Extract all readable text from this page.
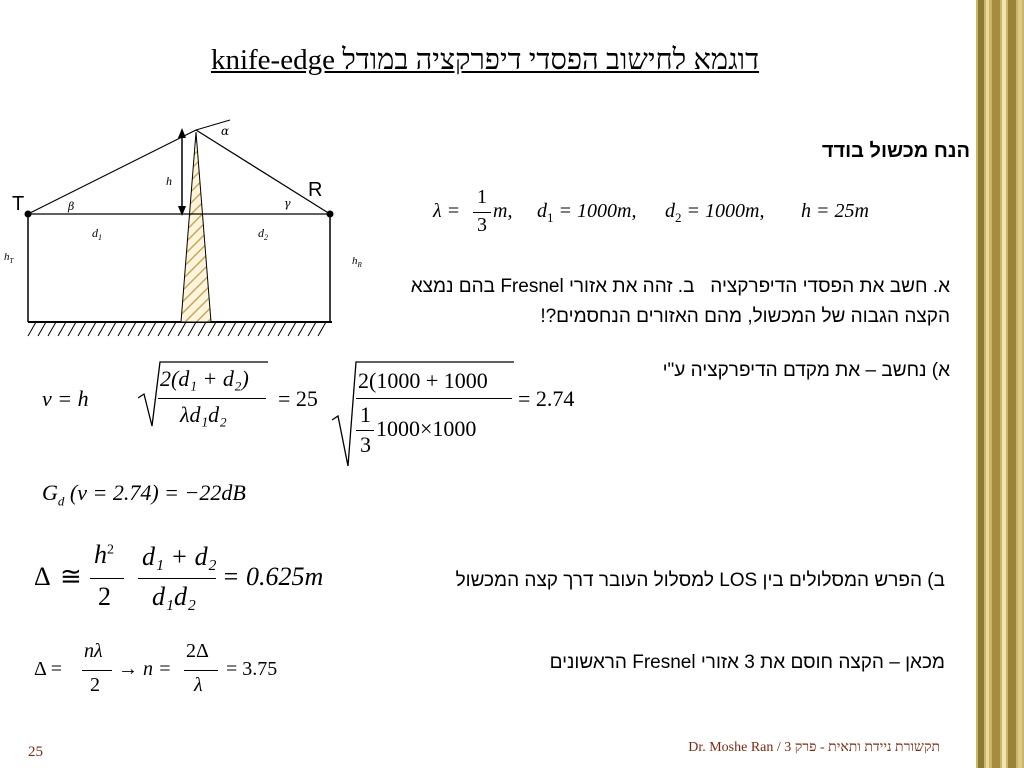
דוגמא לחישוב הפסדי דיפרקציה במודל knife-edge
α
h
β	γ
T
R
$d_1$	$d_2$
$h_T$	$h_R$
הנח מכשול בודד
λ =
1
3
m, $d_1 = 1000m$, $d_2 = 1000m$, h = 25m
א. חשב את הפסדי הדיפרקציה   ב. זהה את אזורי Fresnel בהם נמצא הקצה הגבוה של המכשול, מהם האזורים הנחסמים?!
א) נחשב – את מקדם הדיפרקציה ע"י
v = h
2(d₁ + d₂)
λd₁d₂
= 25
2(1000 + 1000
1
3
1000×1000
= 2.74
$G_d$ (v = 2.74) = −22dB
Δ ≅
$h^2$
2
d₁ + d₂
d₁d₂
= 0.625m
Δ =
nλ
2
→ n =
2Δ
λ
= 3.75
ב) הפרש המסלולים בין LOS למסלול העובר דרך קצה המכשול
מכאן – הקצה חוסם את 3 אזורי Fresnel הראשונים
Dr. Moshe Ran / תקשורת ניידת ותאית - פרק 3
25
